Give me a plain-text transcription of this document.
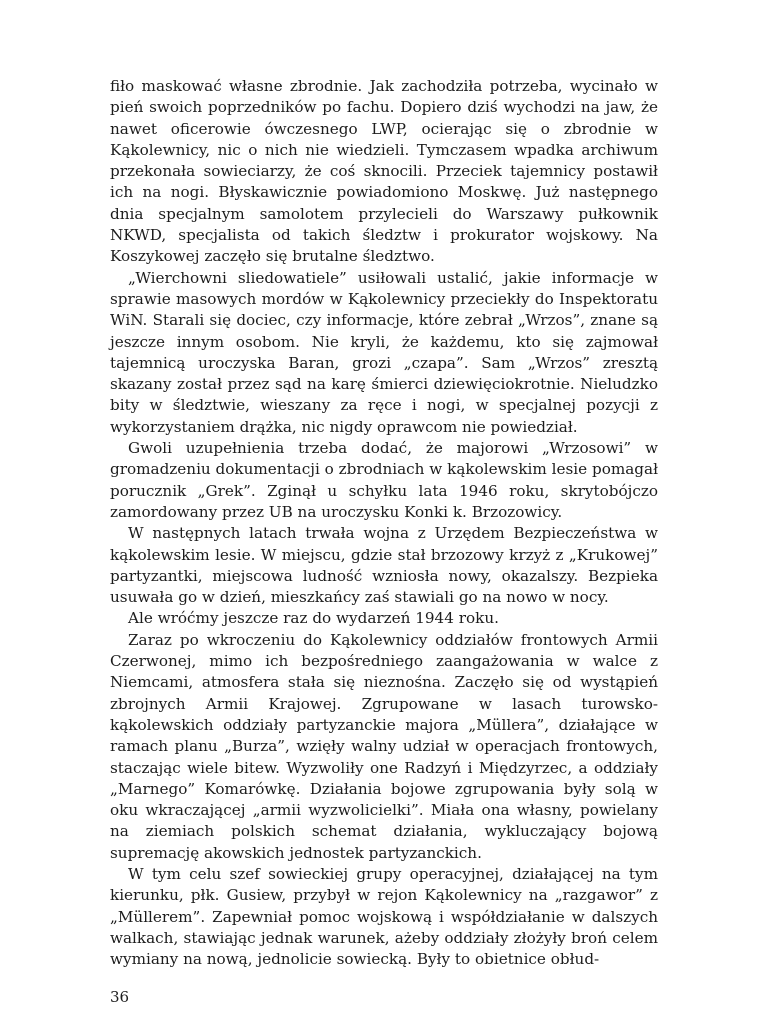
fiło maskować własne zbrodnie. Jak zachodziła potrzeba, wycinało w pień swoich poprzedników po fachu. Dopiero dziś wychodzi na jaw, że nawet oficerowie ówczesnego LWP, ocierając się o zbrodnie w Kąkolewnicy, nic o nich nie wiedzieli. Tymczasem wpadka archiwum przekonała sowieciarzy, że coś sknocili. Przeciek tajemnicy postawił ich na nogi. Błyskawicznie powiadomiono Moskwę. Już następnego dnia specjalnym samolotem przylecieli do Warszawy pułkownik NKWD, specjalista od takich śledztw i prokurator wojskowy. Na Koszykowej zaczęło się brutalne śledztwo.

„Wierchowni sliedowatiele” usiłowali ustalić, jakie informacje w sprawie masowych mordów w Kąkolewnicy przeciekły do Inspektoratu WiN. Starali się dociec, czy informacje, które zebrał „Wrzos”, znane są jeszcze innym osobom. Nie kryli, że każdemu, kto się zajmował tajemnicą uroczyska Baran, grozi „czapa”. Sam „Wrzos” zresztą skazany został przez sąd na karę śmierci dziewięciokrotnie. Nieludzko bity w śledztwie, wieszany za ręce i nogi, w specjalnej pozycji z wykorzystaniem drążka, nic nigdy oprawcom nie powiedział.

Gwoli uzupełnienia trzeba dodać, że majorowi „Wrzosowi” w gromadzeniu dokumentacji o zbrodniach w kąkolewskim lesie pomagał porucznik „Grek”. Zginął u schyłku lata 1946 roku, skrytobójczo zamordowany przez UB na uroczysku Konki k. Brzozowicy.

W następnych latach trwała wojna z Urzędem Bezpieczeństwa w kąkolewskim lesie. W miejscu, gdzie stał brzozowy krzyż z „Krukowej” partyzantki, miejscowa ludność wzniosła nowy, okazalszy. Bezpieka usuwała go w dzień, mieszkańcy zaś stawiali go na nowo w nocy.

Ale wróćmy jeszcze raz do wydarzeń 1944 roku.

Zaraz po wkroczeniu do Kąkolewnicy oddziałów frontowych Armii Czerwonej, mimo ich bezpośredniego zaangażowania w walce z Niemcami, atmosfera stała się nieznośna. Zaczęło się od wystąpień zbrojnych Armii Krajowej. Zgrupowane w lasach turowsko-kąkolewskich oddziały partyzanckie majora „Müllera”, działające w ramach planu „Burza”, wzięły walny udział w operacjach frontowych, staczając wiele bitew. Wyzwoliły one Radzyń i Międzyrzec, a oddziały „Marnego” Komarówkę. Działania bojowe zgrupowania były solą w oku wkraczającej „armii wyzwolicielki”. Miała ona własny, powielany na ziemiach polskich schemat działania, wykluczający bojową supremację akowskich jednostek partyzanckich.

W tym celu szef sowieckiej grupy operacyjnej, działającej na tym kierunku, płk. Gusiew, przybył w rejon Kąkolewnicy na „razgawor” z „Müllerem”. Zapewniał pomoc wojskową i współdziałanie w dalszych walkach, stawiając jednak warunek, ażeby oddziały złożyły broń celem wymiany na nową, jednolicie sowiecką. Były to obietnice obłud-

36
